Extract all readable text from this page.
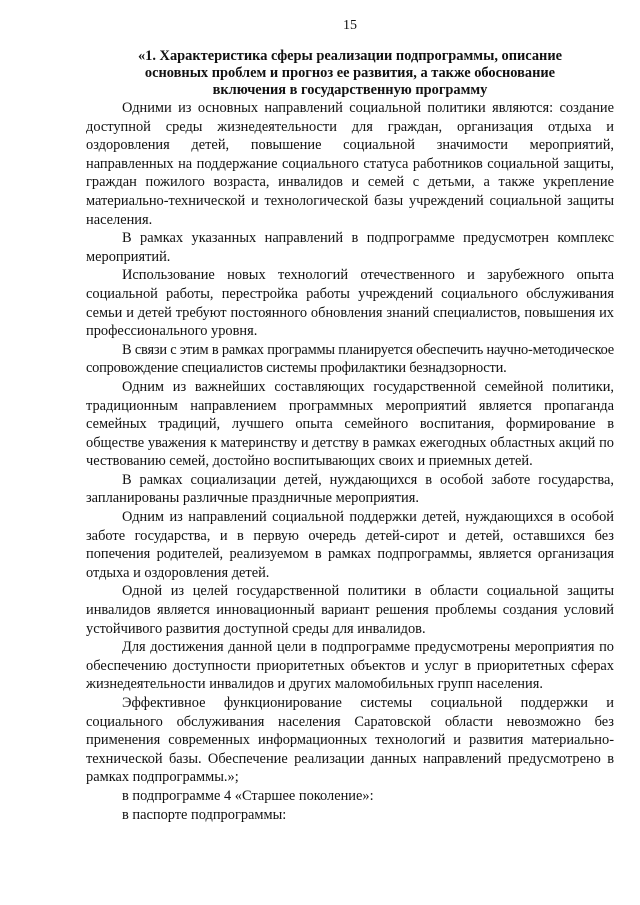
15
«1. Характеристика сферы реализации подпрограммы, описание
основных проблем и прогноз ее развития, а также обоснование
включения в государственную программу

Одними из основных направлений социальной политики являются: создание доступной среды жизнедеятельности для граждан, организация отдыха и оздоровления детей, повышение социальной значимости мероприятий, направленных на поддержание социального статуса работников социальной защиты, граждан пожилого возраста, инвалидов и семей с детьми, а также укрепление материально-технической и технологической базы учреждений социальной защиты населения.

В рамках указанных направлений в подпрограмме предусмотрен комплекс мероприятий.

Использование новых технологий отечественного и зарубежного опыта социальной работы, перестройка работы учреждений социального обслуживания семьи и детей требуют постоянного обновления знаний специалистов, повышения их профессионального уровня.

В связи с этим в рамках программы планируется обеспечить научно-методическое сопровождение специалистов системы профилактики безнадзорности.

Одним из важнейших составляющих государственной семейной политики, традиционным направлением программных мероприятий является пропаганда семейных традиций, лучшего опыта семейного воспитания, формирование в обществе уважения к материнству и детству в рамках ежегодных областных акций по чествованию семей, достойно воспитывающих своих и приемных детей.

В рамках социализации детей, нуждающихся в особой заботе государства, запланированы различные праздничные мероприятия.

Одним из направлений социальной поддержки детей, нуждающихся в особой заботе государства, и в первую очередь детей-сирот и детей, оставшихся без попечения родителей, реализуемом в рамках подпрограммы, является организация отдыха и оздоровления детей.

Одной из целей государственной политики в области социальной защиты инвалидов является инновационный вариант решения проблемы создания условий устойчивого развития доступной среды для инвалидов.

Для достижения данной цели в подпрограмме предусмотрены мероприятия по обеспечению доступности приоритетных объектов и услуг в приоритетных сферах жизнедеятельности инвалидов и других маломобильных групп населения.

Эффективное функционирование системы социальной поддержки и социального обслуживания населения Саратовской области невозможно без применения современных информационных технологий и развития материально-технической базы. Обеспечение реализации данных направлений предусмотрено в рамках подпрограммы.»;

в подпрограмме 4 «Старшее поколение»:

в паспорте подпрограммы:
